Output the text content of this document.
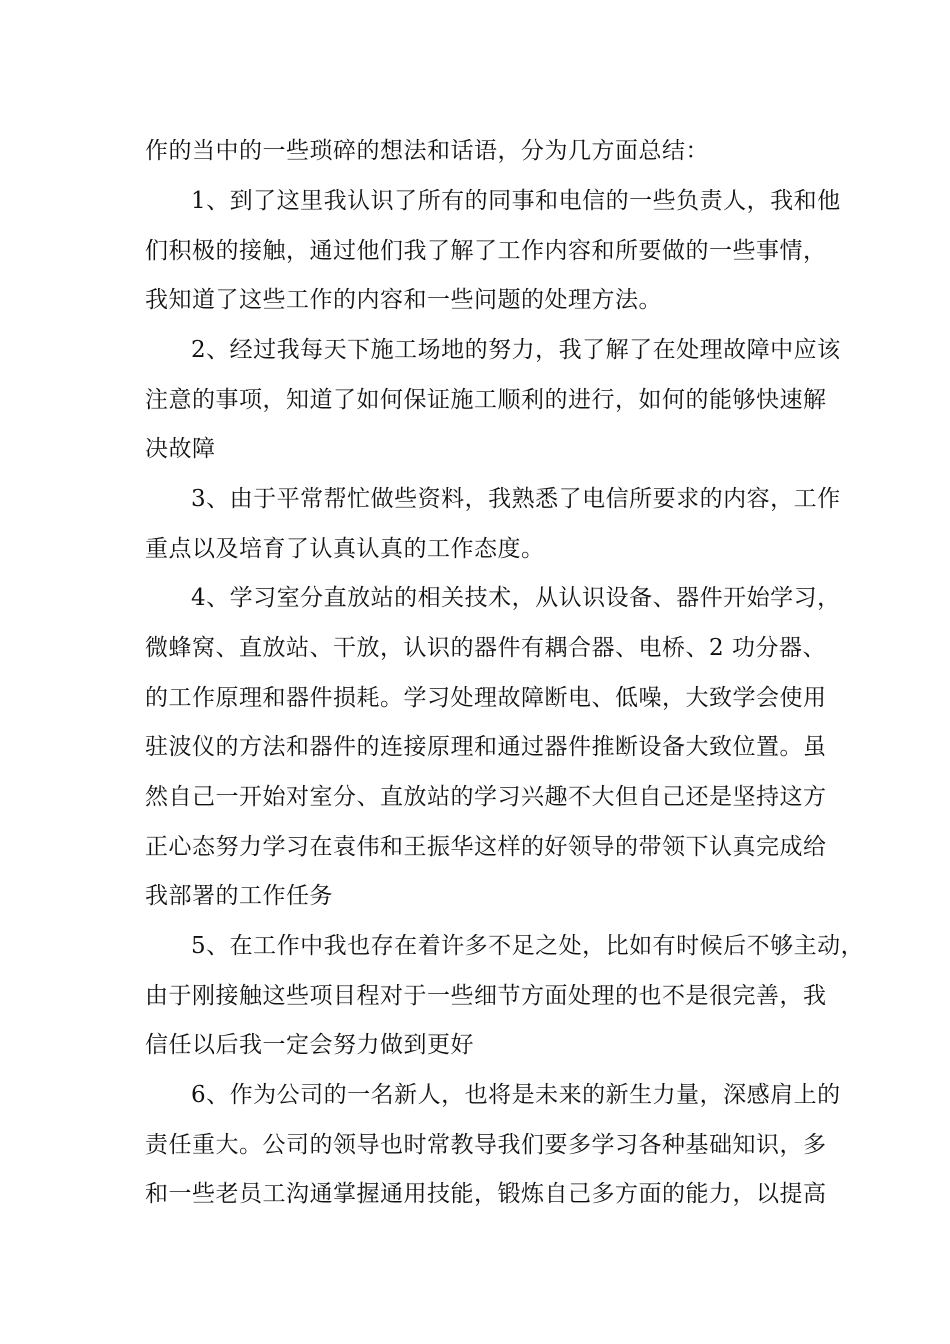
作的当中的一些琐碎的想法和话语，分为几方面总结：
1、到了这里我认识了所有的同事和电信的一些负责人，我和他
们积极的接触，通过他们我了解了工作内容和所要做的一些事情，
我知道了这些工作的内容和一些问题的处理方法。
2、经过我每天下施工场地的努力，我了解了在处理故障中应该
注意的事项，知道了如何保证施工顺利的进行，如何的能够快速解
决故障
3、由于平常帮忙做些资料，我熟悉了电信所要求的内容，工作
重点以及培育了认真认真的工作态度。
4、学习室分直放站的相关技术，从认识设备、器件开始学习，
微蜂窝、直放站、干放，认识的器件有耦合器、电桥、2 功分器、
的工作原理和器件损耗。学习处理故障断电、低噪，大致学会使用
驻波仪的方法和器件的连接原理和通过器件推断设备大致位置。虽
然自己一开始对室分、直放站的学习兴趣不大但自己还是坚持这方
正心态努力学习在袁伟和王振华这样的好领导的带领下认真完成给
我部署的工作任务
5、在工作中我也存在着许多不足之处，比如有时候后不够主动，
由于刚接触这些项目程对于一些细节方面处理的也不是很完善，我
信任以后我一定会努力做到更好
6、作为公司的一名新人，也将是未来的新生力量，深感肩上的
责任重大。公司的领导也时常教导我们要多学习各种基础知识，多
和一些老员工沟通掌握通用技能，锻炼自己多方面的能力，以提高
